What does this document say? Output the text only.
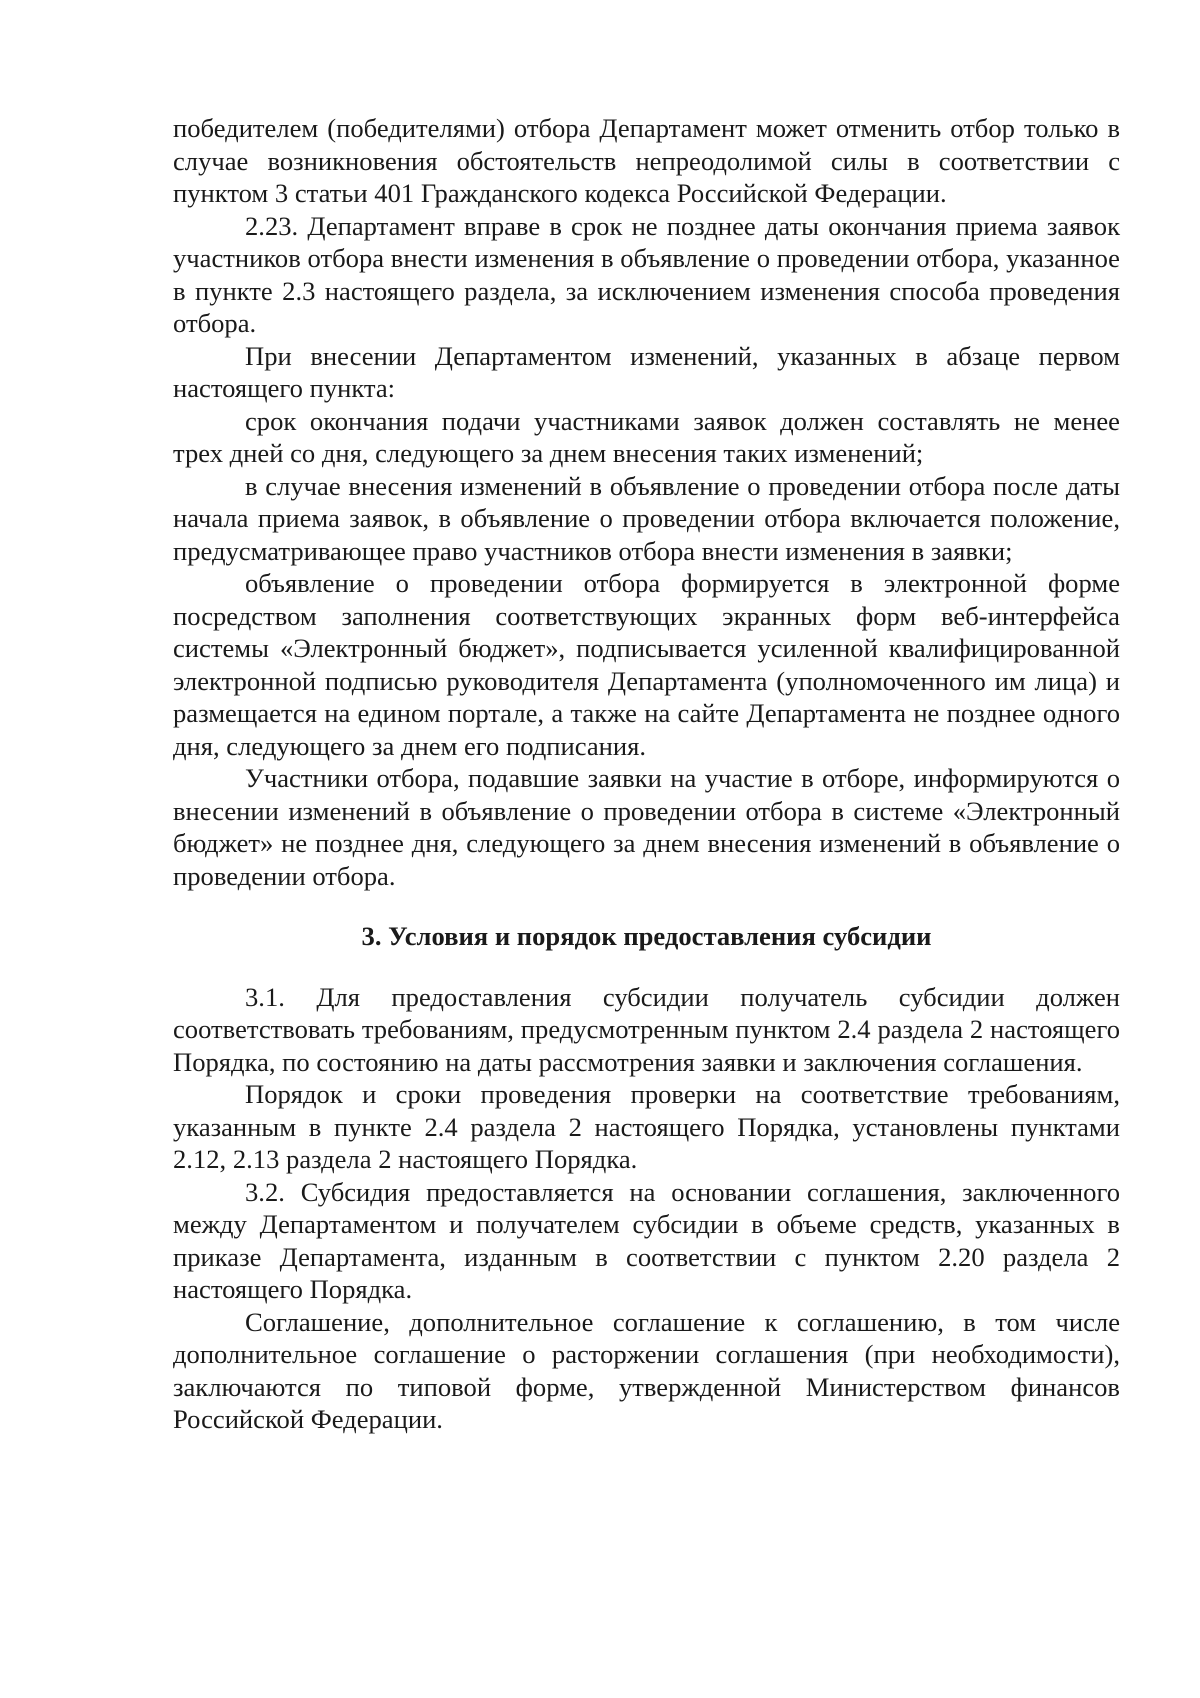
победителем (победителями) отбора Департамент может отменить отбор только в случае возникновения обстоятельств непреодолимой силы в соответствии с пунктом 3 статьи 401 Гражданского кодекса Российской Федерации.

2.23. Департамент вправе в срок не позднее даты окончания приема заявок участников отбора внести изменения в объявление о проведении отбора, указанное в пункте 2.3 настоящего раздела, за исключением изменения способа проведения отбора.

При внесении Департаментом изменений, указанных в абзаце первом настоящего пункта:

срок окончания подачи участниками заявок должен составлять не менее трех дней со дня, следующего за днем внесения таких изменений;

в случае внесения изменений в объявление о проведении отбора после даты начала приема заявок, в объявление о проведении отбора включается положение, предусматривающее право участников отбора внести изменения в заявки;

объявление о проведении отбора формируется в электронной форме посредством заполнения соответствующих экранных форм веб-интерфейса системы «Электронный бюджет», подписывается усиленной квалифицированной электронной подписью руководителя Департамента (уполномоченного им лица) и размещается на едином портале, а также на сайте Департамента не позднее одного дня, следующего за днем его подписания.

Участники отбора, подавшие заявки на участие в отборе, информируются о внесении изменений в объявление о проведении отбора в системе «Электронный бюджет» не позднее дня, следующего за днем внесения изменений в объявление о проведении отбора.

3. Условия и порядок предоставления субсидии

3.1. Для предоставления субсидии получатель субсидии должен соответствовать требованиям, предусмотренным пунктом 2.4 раздела 2 настоящего Порядка, по состоянию на даты рассмотрения заявки и заключения соглашения.

Порядок и сроки проведения проверки на соответствие требованиям, указанным в пункте 2.4 раздела 2 настоящего Порядка, установлены пунктами 2.12, 2.13 раздела 2 настоящего Порядка.

3.2. Субсидия предоставляется на основании соглашения, заключенного между Департаментом и получателем субсидии в объеме средств, указанных в приказе Департамента, изданным в соответствии с пунктом 2.20 раздела 2 настоящего Порядка.

Соглашение, дополнительное соглашение к соглашению, в том числе дополнительное соглашение о расторжении соглашения (при необходимости), заключаются по типовой форме, утвержденной Министерством финансов Российской Федерации.
